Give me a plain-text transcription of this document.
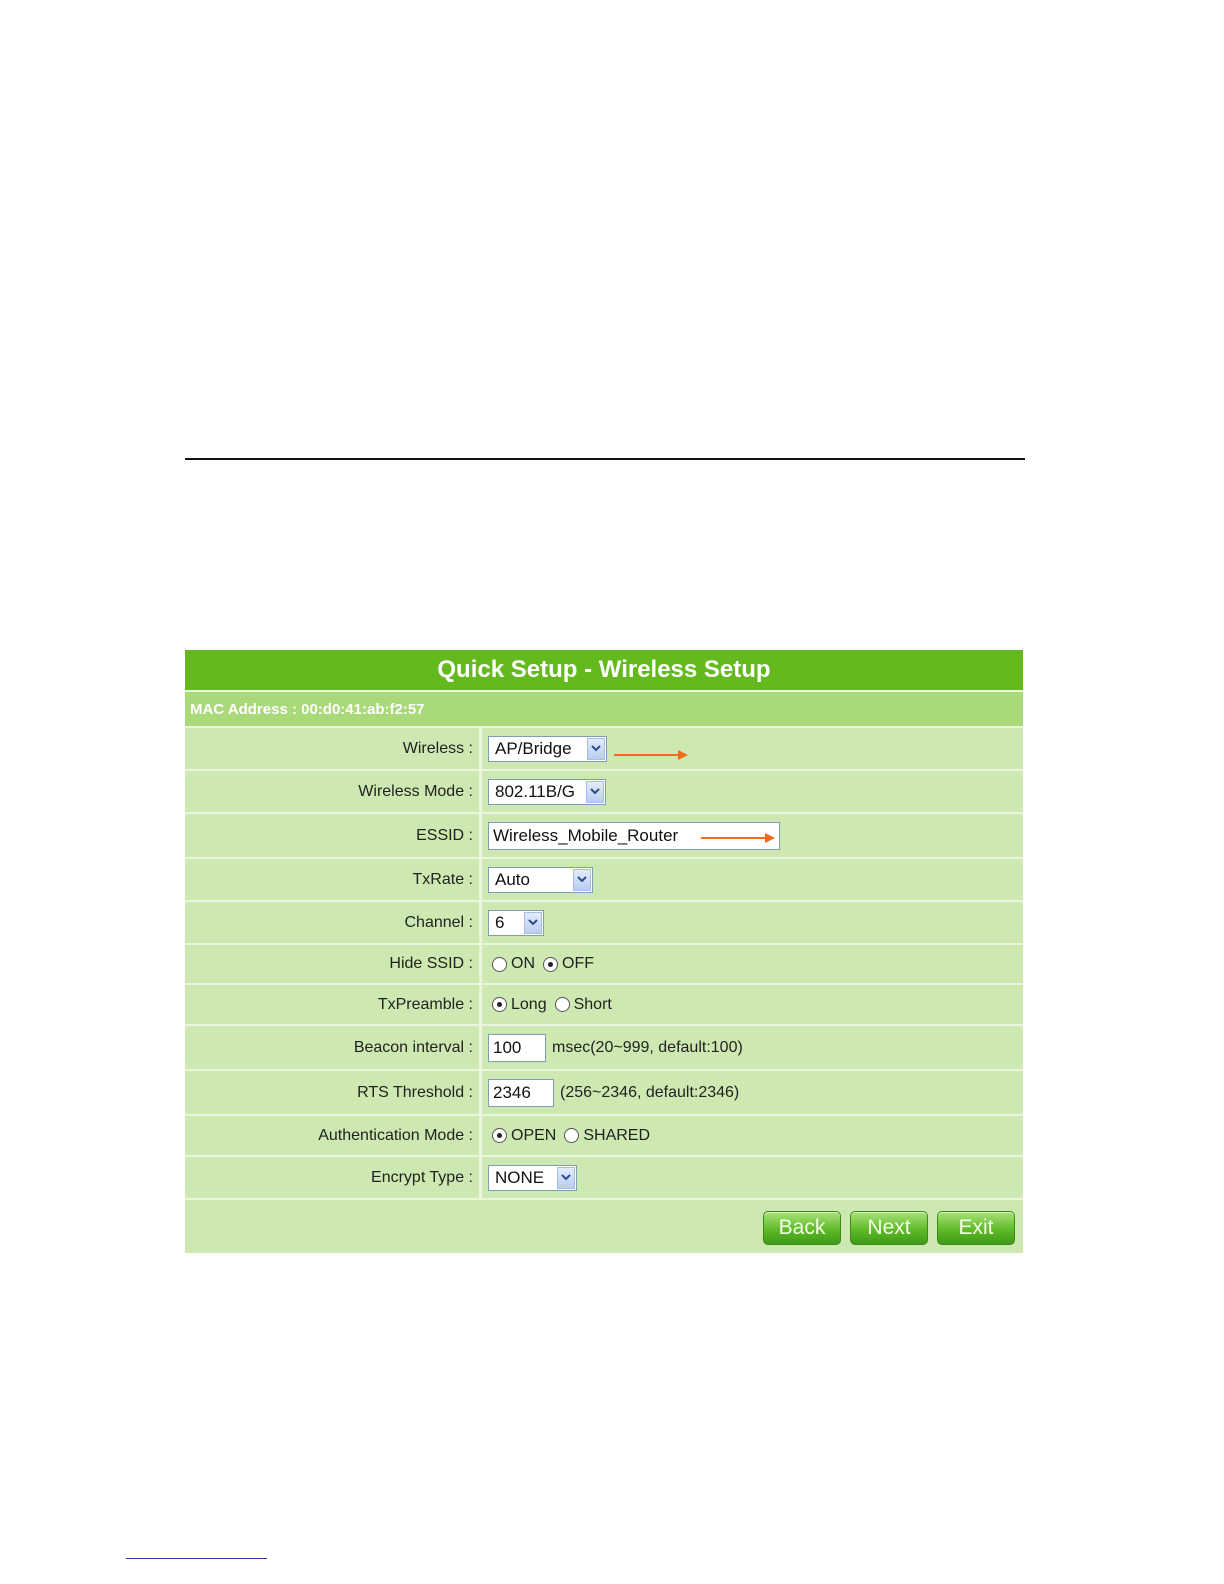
Quick Setup - Wireless Setup
MAC Address : 00:d0:41:ab:f2:57
Wireless :	AP/Bridge
Wireless Mode :	802.11B/G
ESSID :	Wireless_Mobile_Router
TxRate :	Auto
Channel :	6
Hide SSID :	ON OFF
TxPreamble :	Long Short
Beacon interval :	100 msec(20~999, default:100)
RTS Threshold :	2346 (256~2346, default:2346)
Authentication Mode :	OPEN SHARED
Encrypt Type :	NONE
Back	Next	Exit
